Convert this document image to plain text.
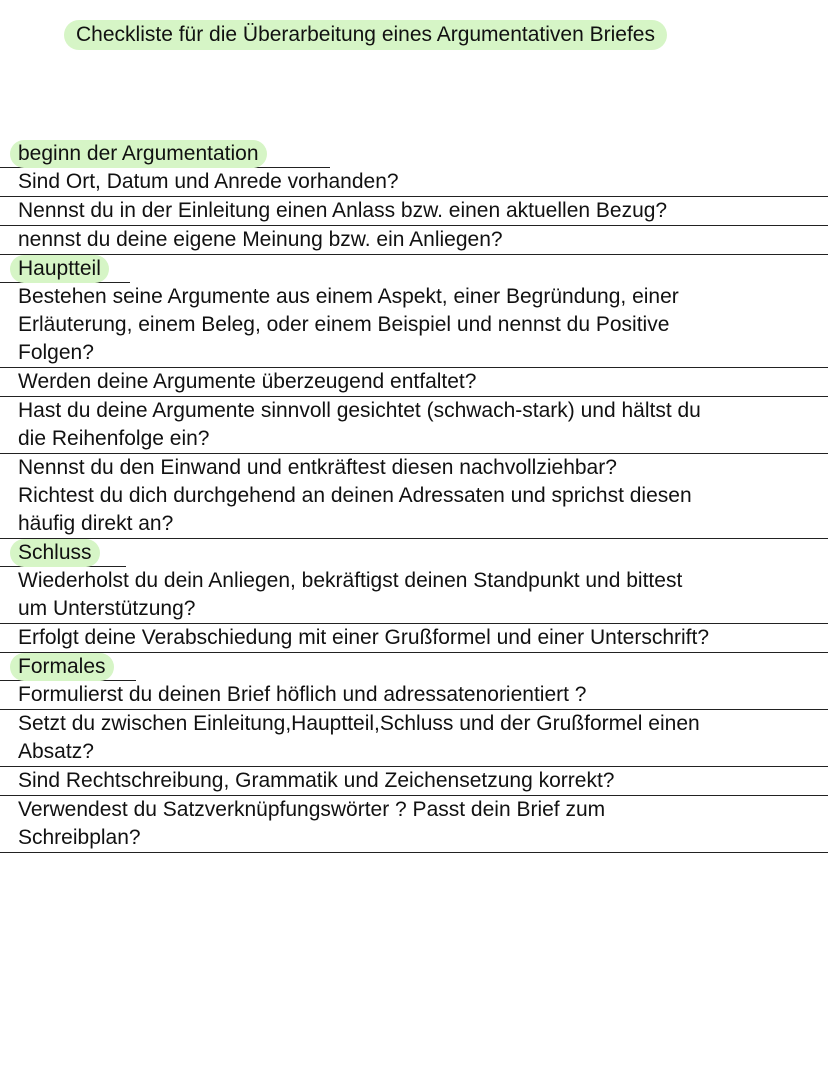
Checkliste für die Überarbeitung eines Argumentativen Briefes
beginn der Argumentation
Sind Ort, Datum und Anrede vorhanden?
Nennst du in der Einleitung einen Anlass bzw. einen aktuellen Bezug?
nennst du deine eigene Meinung bzw. ein Anliegen?
Hauptteil
Bestehen seine Argumente aus einem Aspekt, einer Begründung, einer
Erläuterung, einem Beleg, oder einem Beispiel und nennst du Positive
Folgen?
Werden deine Argumente überzeugend entfaltet?
Hast du deine Argumente sinnvoll gesichtet (schwach-stark) und hältst du
die Reihenfolge ein?
Nennst du den Einwand und entkräftest diesen nachvollziehbar?
Richtest du dich durchgehend an deinen Adressaten und sprichst diesen
häufig direkt an?
Schluss
Wiederholst du dein Anliegen, bekräftigst deinen Standpunkt und bittest
um Unterstützung?
Erfolgt deine Verabschiedung mit einer Grußformel und einer Unterschrift?
Formales
Formulierst du deinen Brief höflich und adressatenorientiert ?
Setzt du zwischen Einleitung,Hauptteil,Schluss und der Grußformel einen
Absatz?
Sind Rechtschreibung, Grammatik und Zeichensetzung korrekt?
Verwendest du Satzverknüpfungswörter ? Passt dein Brief zum
Schreibplan?
